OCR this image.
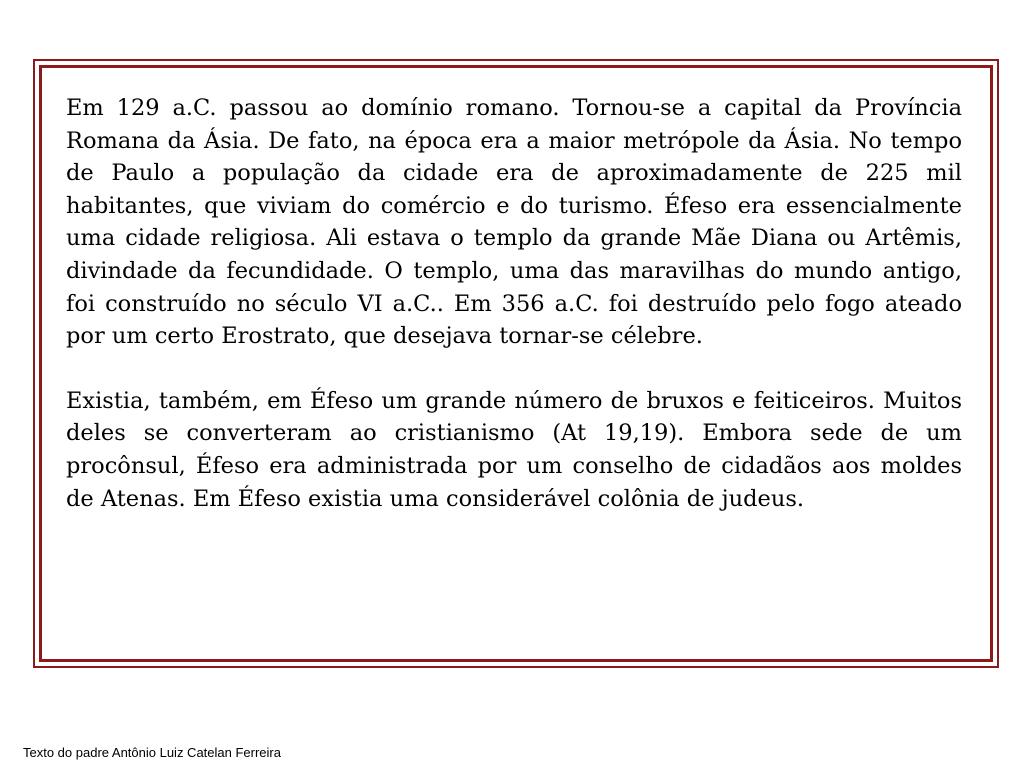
Em 129 a.C. passou ao domínio romano. Tornou-se a capital da Província Romana da Ásia. De fato, na época era a maior metrópole da Ásia. No tempo de Paulo a população da cidade era de aproximadamente de 225 mil habitantes, que viviam do comércio e do turismo. Éfeso era essencialmente uma cidade religiosa. Ali estava o templo da grande Mãe Diana ou Artêmis, divindade da fecundidade. O templo, uma das maravilhas do mundo antigo, foi construído no século VI a.C.. Em 356 a.C. foi destruído pelo fogo ateado por um certo Erostrato, que desejava tornar-se célebre.

Existia, também, em Éfeso um grande número de bruxos e feiticeiros. Muitos deles se converteram ao cristianismo (At 19,19). Embora sede de um procônsul, Éfeso era administrada por um conselho de cidadãos aos moldes de Atenas. Em Éfeso existia uma considerável colônia de judeus.

Texto do padre Antônio Luiz Catelan Ferreira
